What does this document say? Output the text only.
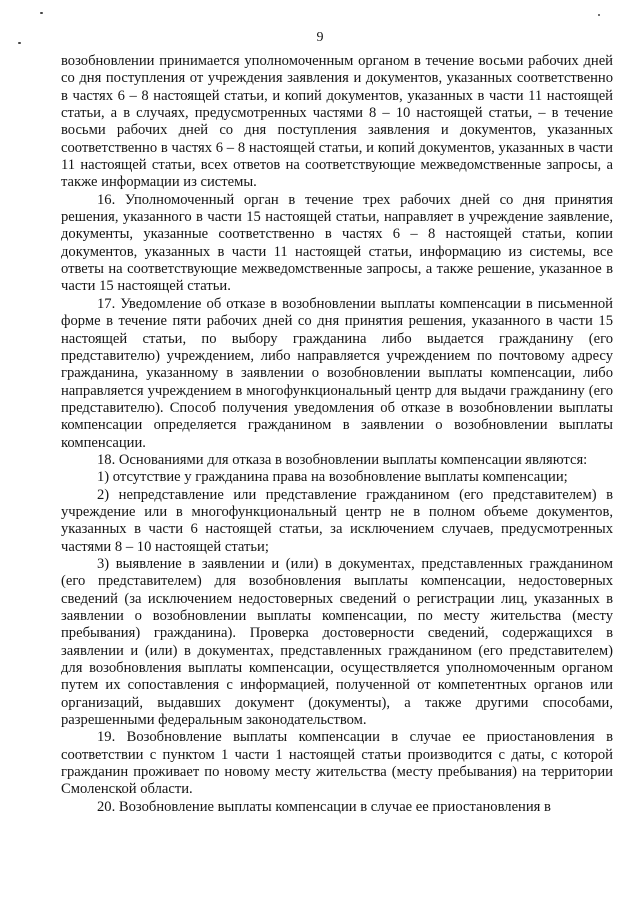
9

возобновлении принимается уполномоченным органом в течение восьми рабочих дней со дня поступления от учреждения заявления и документов, указанных соответственно в частях 6 – 8 настоящей статьи, и копий документов, указанных в части 11 настоящей статьи, а в случаях, предусмотренных частями 8 – 10 настоящей статьи, – в течение восьми рабочих дней со дня поступления заявления и документов, указанных соответственно в частях 6 – 8 настоящей статьи, и копий документов, указанных в части 11 настоящей статьи, всех ответов на соответствующие межведомственные запросы, а также информации из системы.

16. Уполномоченный орган в течение трех рабочих дней со дня принятия решения, указанного в части 15 настоящей статьи, направляет в учреждение заявление, документы, указанные соответственно в частях 6 – 8 настоящей статьи, копии документов, указанных в части 11 настоящей статьи, информацию из системы, все ответы на соответствующие межведомственные запросы, а также решение, указанное в части 15 настоящей статьи.

17. Уведомление об отказе в возобновлении выплаты компенсации в письменной форме в течение пяти рабочих дней со дня принятия решения, указанного в части 15 настоящей статьи, по выбору гражданина либо выдается гражданину (его представителю) учреждением, либо направляется учреждением по почтовому адресу гражданина, указанному в заявлении о возобновлении выплаты компенсации, либо направляется учреждением в многофункциональный центр для выдачи гражданину (его представителю). Способ получения уведомления об отказе в возобновлении выплаты компенсации определяется гражданином в заявлении о возобновлении выплаты компенсации.

18. Основаниями для отказа в возобновлении выплаты компенсации являются:

1) отсутствие у гражданина права на возобновление выплаты компенсации;

2) непредставление или представление гражданином (его представителем) в учреждение или в многофункциональный центр не в полном объеме документов, указанных в части 6 настоящей статьи, за исключением случаев, предусмотренных частями 8 – 10 настоящей статьи;

3) выявление в заявлении и (или) в документах, представленных гражданином (его представителем) для возобновления выплаты компенсации, недостоверных сведений (за исключением недостоверных сведений о регистрации лиц, указанных в заявлении о возобновлении выплаты компенсации, по месту жительства (месту пребывания) гражданина). Проверка достоверности сведений, содержащихся в заявлении и (или) в документах, представленных гражданином (его представителем) для возобновления выплаты компенсации, осуществляется уполномоченным органом путем их сопоставления с информацией, полученной от компетентных органов или организаций, выдавших документ (документы), а также другими способами, разрешенными федеральным законодательством.

19. Возобновление выплаты компенсации в случае ее приостановления в соответствии с пунктом 1 части 1 настоящей статьи производится с даты, с которой гражданин проживает по новому месту жительства (месту пребывания) на территории Смоленской области.

20. Возобновление выплаты компенсации в случае ее приостановления в
